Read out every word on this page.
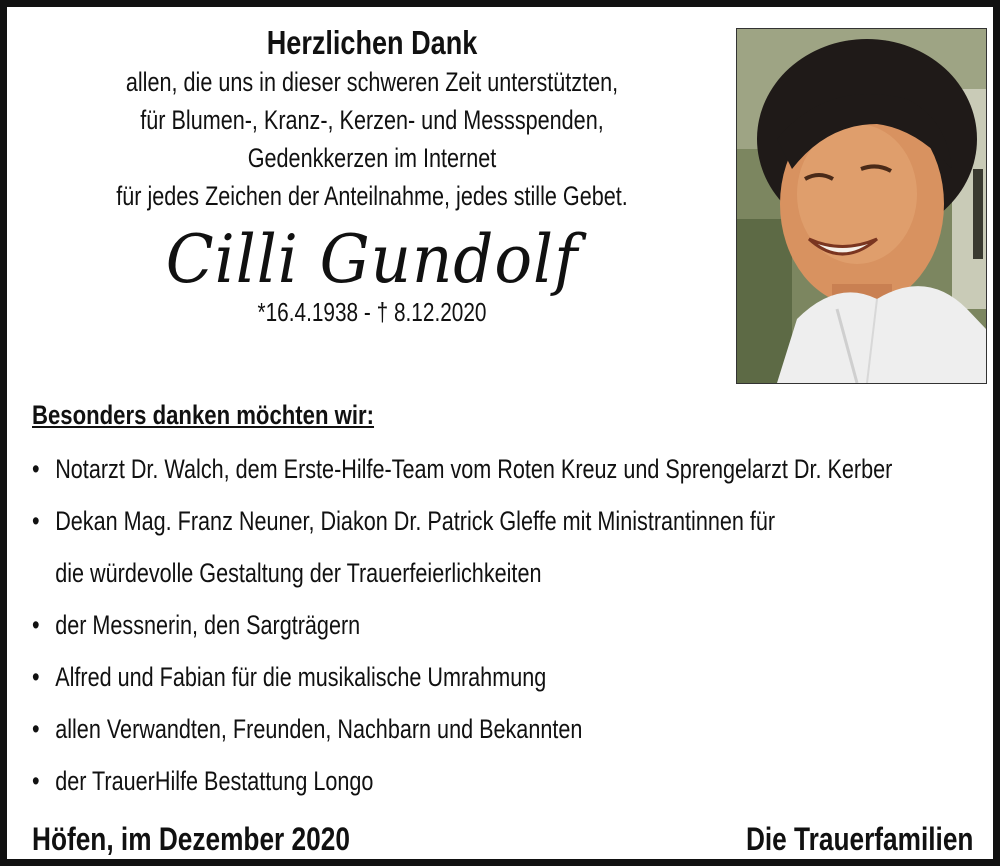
Herzlichen Dank
allen, die uns in dieser schweren Zeit unterstützten,
für Blumen-, Kranz-, Kerzen- und Messspenden,
Gedenkkerzen im Internet
für jedes Zeichen der Anteilnahme, jedes stille Gebet.
Cilli Gundolf
*16.4.1938 - † 8.12.2020
Besonders danken möchten wir:
• Notarzt Dr. Walch, dem Erste-Hilfe-Team vom Roten Kreuz und Sprengelarzt Dr. Kerber
• Dekan Mag. Franz Neuner, Diakon Dr. Patrick Gleffe mit Ministrantinnen für
die würdevolle Gestaltung der Trauerfeierlichkeiten
• der Messnerin, den Sargträgern
• Alfred und Fabian für die musikalische Umrahmung
• allen Verwandten, Freunden, Nachbarn und Bekannten
• der TrauerHilfe Bestattung Longo
Höfen, im Dezember 2020	Die Trauerfamilien
